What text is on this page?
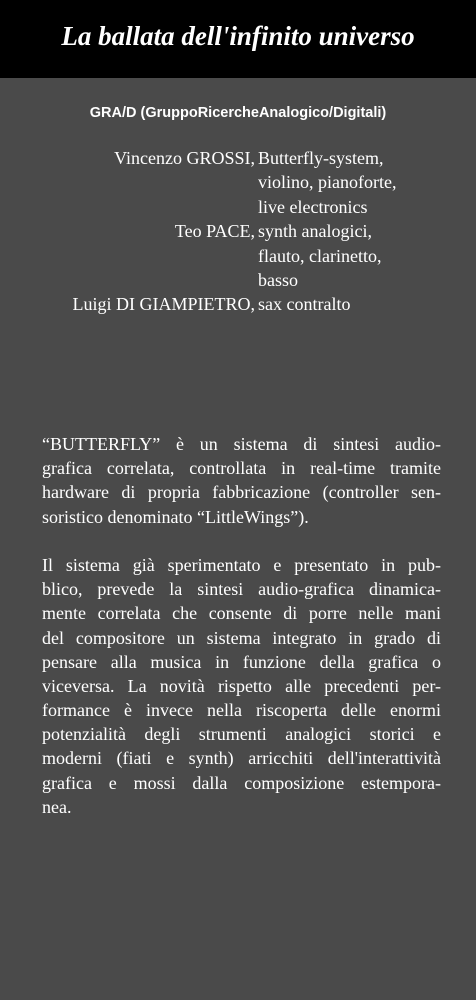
La ballata dell'infinito universo
GRA/D (GruppoRicercheAnalogico/Digitali)
Vincenzo GROSSI, Butterfly-system,
violino, pianoforte,
live electronics
Teo PACE, synth analogici,
flauto, clarinetto,
basso
Luigi DI GIAMPIETRO, sax contralto
“BUTTERFLY” è un sistema di sintesi audio-
grafica correlata, controllata in real-time tramite
hardware di propria fabbricazione (controller sen-
soristico denominato “LittleWings”).
Il sistema già sperimentato e presentato in pub-
blico, prevede la sintesi audio-grafica dinamica-
mente correlata che consente di porre nelle mani
del compositore un sistema integrato in grado di
pensare alla musica in funzione della grafica o
viceversa. La novità rispetto alle precedenti per-
formance è invece nella riscoperta delle enormi
potenzialità degli strumenti analogici storici e
moderni (fiati e synth) arricchiti dell'interattività
grafica e mossi dalla composizione estempora-
nea.
